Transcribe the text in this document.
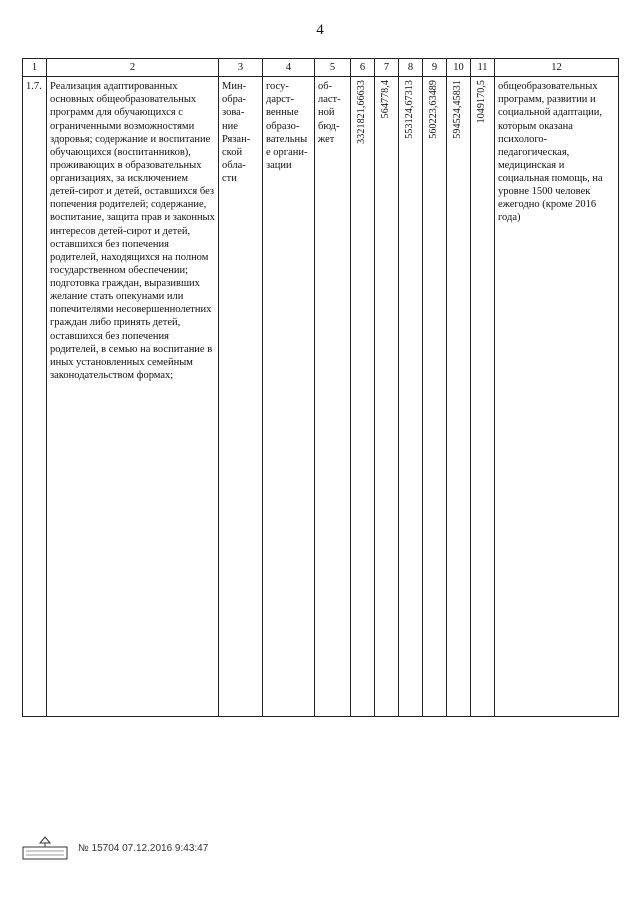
4
1	2	3	4	5	6	7	8	9	10	11	12
1.7.	Реализация адаптированных основных общеобразовательных программ для обучающихся с ограниченными возможностями здоровья; содержание и воспитание обучающихся (воспитанников), проживающих в образовательных организациях, за исключением детей-сирот и детей, оставшихся без попечения родителей; содержание, воспитание, защита прав и законных интересов детей-сирот и детей, оставшихся без попечения родителей, находящихся на полном государственном обеспечении; подготовка граждан, выразивших желание стать опекунами или попечителями несовершеннолетних граждан либо принять детей, оставшихся без попечения родителей, в семью на воспитание в иных установленных семейным законодательством формах;	Мин-обра-зова-ние Рязан-ской обла-сти	госу-дарст-венные образо-вательные органи-зации	об-ласт-ной бюд-жет	3321821,66633	564778,4	553124,67313	560223,63489	594524,45831	1049170,5	общеобразовательных программ, развитии и социальной адаптации, которым оказана психолого-педагогическая, медицинская и социальная помощь, на уровне 1500 человек ежегодно (кроме 2016 года)
№ 15704 07.12.2016 9:43:47
